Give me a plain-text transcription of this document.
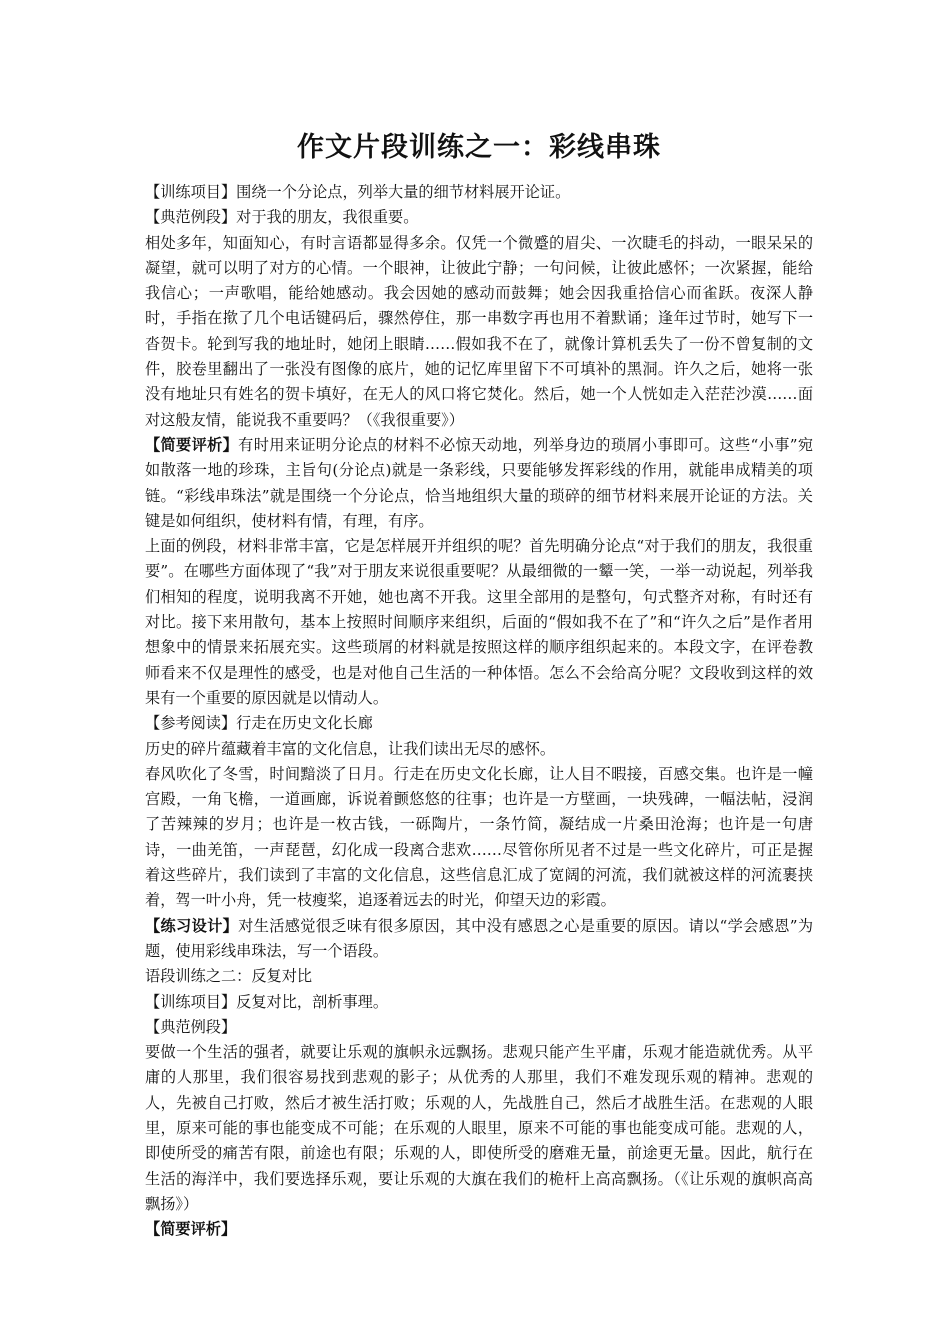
作文片段训练之一：彩线串珠

【训练项目】围绕一个分论点，列举大量的细节材料展开论证。

【典范例段】对于我的朋友，我很重要。

相处多年，知面知心，有时言语都显得多余。仅凭一个微蹙的眉尖、一次睫毛的抖动，一眼呆呆的凝望，就可以明了对方的心情。一个眼神，让彼此宁静；一句问候，让彼此感怀；一次紧握，能给我信心；一声歌唱，能给她感动。我会因她的感动而鼓舞；她会因我重拾信心而雀跃。夜深人静时，手指在揿了几个电话键码后，骤然停住，那一串数字再也用不着默诵；逢年过节时，她写下一沓贺卡。轮到写我的地址时，她闭上眼睛……假如我不在了，就像计算机丢失了一份不曾复制的文件，胶卷里翻出了一张没有图像的底片，她的记忆库里留下不可填补的黑洞。许久之后，她将一张没有地址只有姓名的贺卡填好，在无人的风口将它焚化。然后，她一个人恍如走入茫茫沙漠……面对这般友情，能说我不重要吗？（《我很重要》）

【简要评析】有时用来证明分论点的材料不必惊天动地，列举身边的琐屑小事即可。这些“小事”宛如散落一地的珍珠，主旨句(分论点)就是一条彩线，只要能够发挥彩线的作用，就能串成精美的项链。“彩线串珠法”就是围绕一个分论点，恰当地组织大量的琐碎的细节材料来展开论证的方法。关键是如何组织，使材料有情，有理，有序。

上面的例段，材料非常丰富，它是怎样展开并组织的呢？首先明确分论点“对于我们的朋友，我很重要”。在哪些方面体现了“我”对于朋友来说很重要呢？从最细微的一颦一笑，一举一动说起，列举我们相知的程度，说明我离不开她，她也离不开我。这里全部用的是整句，句式整齐对称，有时还有对比。接下来用散句，基本上按照时间顺序来组织，后面的“假如我不在了”和“许久之后”是作者用想象中的情景来拓展充实。这些琐屑的材料就是按照这样的顺序组织起来的。本段文字，在评卷教师看来不仅是理性的感受，也是对他自己生活的一种体悟。怎么不会给高分呢？文段收到这样的效果有一个重要的原因就是以情动人。

【参考阅读】行走在历史文化长廊

历史的碎片蕴藏着丰富的文化信息，让我们读出无尽的感怀。

春风吹化了冬雪，时间黯淡了日月。行走在历史文化长廊，让人目不暇接，百感交集。也许是一幢宫殿，一角飞檐，一道画廊，诉说着颤悠悠的往事；也许是一方壁画，一块残碑，一幅法帖，浸润了苦辣辣的岁月；也许是一枚古钱，一砾陶片，一条竹简，凝结成一片桑田沧海；也许是一句唐诗，一曲羌笛，一声琵琶，幻化成一段离合悲欢……尽管你所见者不过是一些文化碎片，可正是握着这些碎片，我们读到了丰富的文化信息，这些信息汇成了宽阔的河流，我们就被这样的河流裹挟着，驾一叶小舟，凭一枝瘦桨，追逐着远去的时光，仰望天边的彩霞。

【练习设计】对生活感觉很乏味有很多原因，其中没有感恩之心是重要的原因。请以“学会感恩”为题，使用彩线串珠法，写一个语段。

语段训练之二：反复对比

【训练项目】反复对比，剖析事理。

【典范例段】

要做一个生活的强者，就要让乐观的旗帜永远飘扬。悲观只能产生平庸，乐观才能造就优秀。从平庸的人那里，我们很容易找到悲观的影子；从优秀的人那里，我们不难发现乐观的精神。悲观的人，先被自己打败，然后才被生活打败；乐观的人，先战胜自己，然后才战胜生活。在悲观的人眼里，原来可能的事也能变成不可能；在乐观的人眼里，原来不可能的事也能变成可能。悲观的人，即使所受的痛苦有限，前途也有限；乐观的人，即使所受的磨难无量，前途更无量。因此，航行在生活的海洋中，我们要选择乐观，要让乐观的大旗在我们的桅杆上高高飘扬。（《让乐观的旗帜高高飘扬》）

【简要评析】
